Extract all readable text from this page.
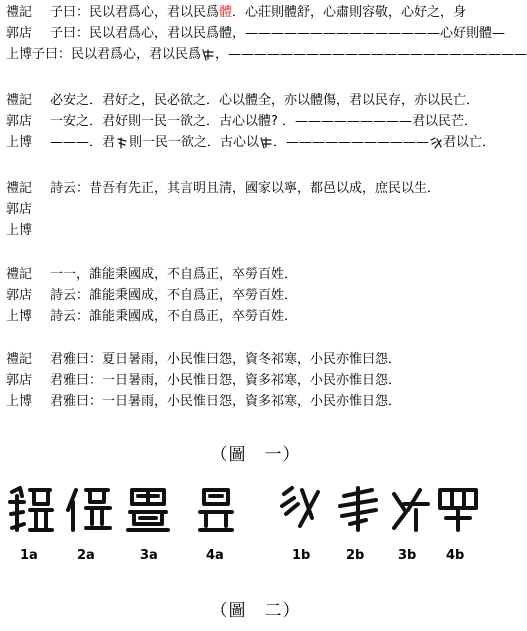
禮記	子曰：民以君爲心，君以民爲體．心莊則體舒，心肅則容敬，心好之，身
郭店	子曰：民以君爲心，君以民爲體，———————————————心好則體—
上博 子曰：民以君爲心，君以民爲 ，———————————————————————
禮記	必安之．君好之，民必欲之．心以體全，亦以體傷，君以民存，亦以民亡．
郭店	一安之．君好則一民一欲之．古心以體? ．—————————君以民芒．
上博	———．君 則一民一欲之．古心以 ．——————————— 君以亡．
禮記	詩云：昔吾有先正，其言明且淸，國家以寧，都邑以成，庶民以生．
郭店
上博
禮記	一一，誰能秉國成，不自爲正，卒勞百姓．
郭店	詩云：誰能秉國成，不自爲正，卒勞百姓．
上博	詩云：誰能秉國成，不自爲正，卒勞百姓．
禮記	君雅曰：夏日暑雨，小民惟曰怨，資冬祁寒，小民亦惟曰怨．
郭店	君雅曰：一日暑雨，小民惟日怨，資多祁寒，小民亦惟日怨．
上博	君雅曰：一日暑雨，小民惟日怨，資多祁寒，小民亦惟日怨．
（圖　一）
1a	2a	3a	4a	1b	2b	3b 4b
（圖　二）
